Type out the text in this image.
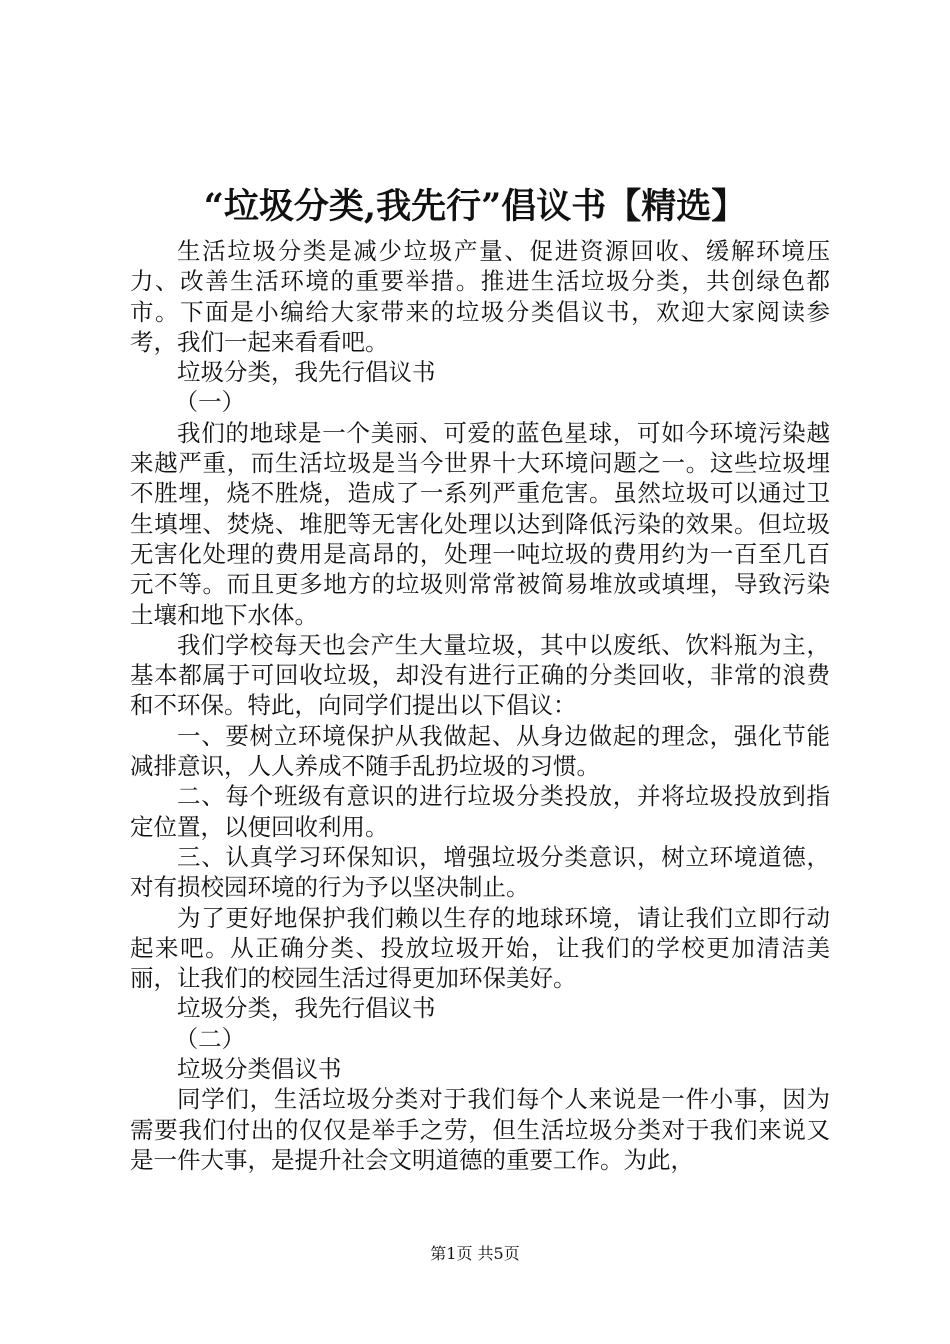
“垃圾分类,我先行”倡议书【精选】

生活垃圾分类是减少垃圾产量、促进资源回收、缓解环境压力、改善生活环境的重要举措。推进生活垃圾分类，共创绿色都市。下面是小编给大家带来的垃圾分类倡议书，欢迎大家阅读参考，我们一起来看看吧。

垃圾分类，我先行倡议书

（一）

我们的地球是一个美丽、可爱的蓝色星球，可如今环境污染越来越严重，而生活垃圾是当今世界十大环境问题之一。这些垃圾埋不胜埋，烧不胜烧，造成了一系列严重危害。虽然垃圾可以通过卫生填埋、焚烧、堆肥等无害化处理以达到降低污染的效果。但垃圾无害化处理的费用是高昂的，处理一吨垃圾的费用约为一百至几百元不等。而且更多地方的垃圾则常常被简易堆放或填埋，导致污染土壤和地下水体。

我们学校每天也会产生大量垃圾，其中以废纸、饮料瓶为主，基本都属于可回收垃圾，却没有进行正确的分类回收，非常的浪费和不环保。特此，向同学们提出以下倡议：

一、要树立环境保护从我做起、从身边做起的理念，强化节能减排意识，人人养成不随手乱扔垃圾的习惯。

二、每个班级有意识的进行垃圾分类投放，并将垃圾投放到指定位置，以便回收利用。

三、认真学习环保知识，增强垃圾分类意识，树立环境道德，对有损校园环境的行为予以坚决制止。

为了更好地保护我们赖以生存的地球环境，请让我们立即行动起来吧。从正确分类、投放垃圾开始，让我们的学校更加清洁美丽，让我们的校园生活过得更加环保美好。

垃圾分类，我先行倡议书

（二）

垃圾分类倡议书

同学们，生活垃圾分类对于我们每个人来说是一件小事，因为需要我们付出的仅仅是举手之劳，但生活垃圾分类对于我们来说又是一件大事，是提升社会文明道德的重要工作。为此，

第1页 共5页
